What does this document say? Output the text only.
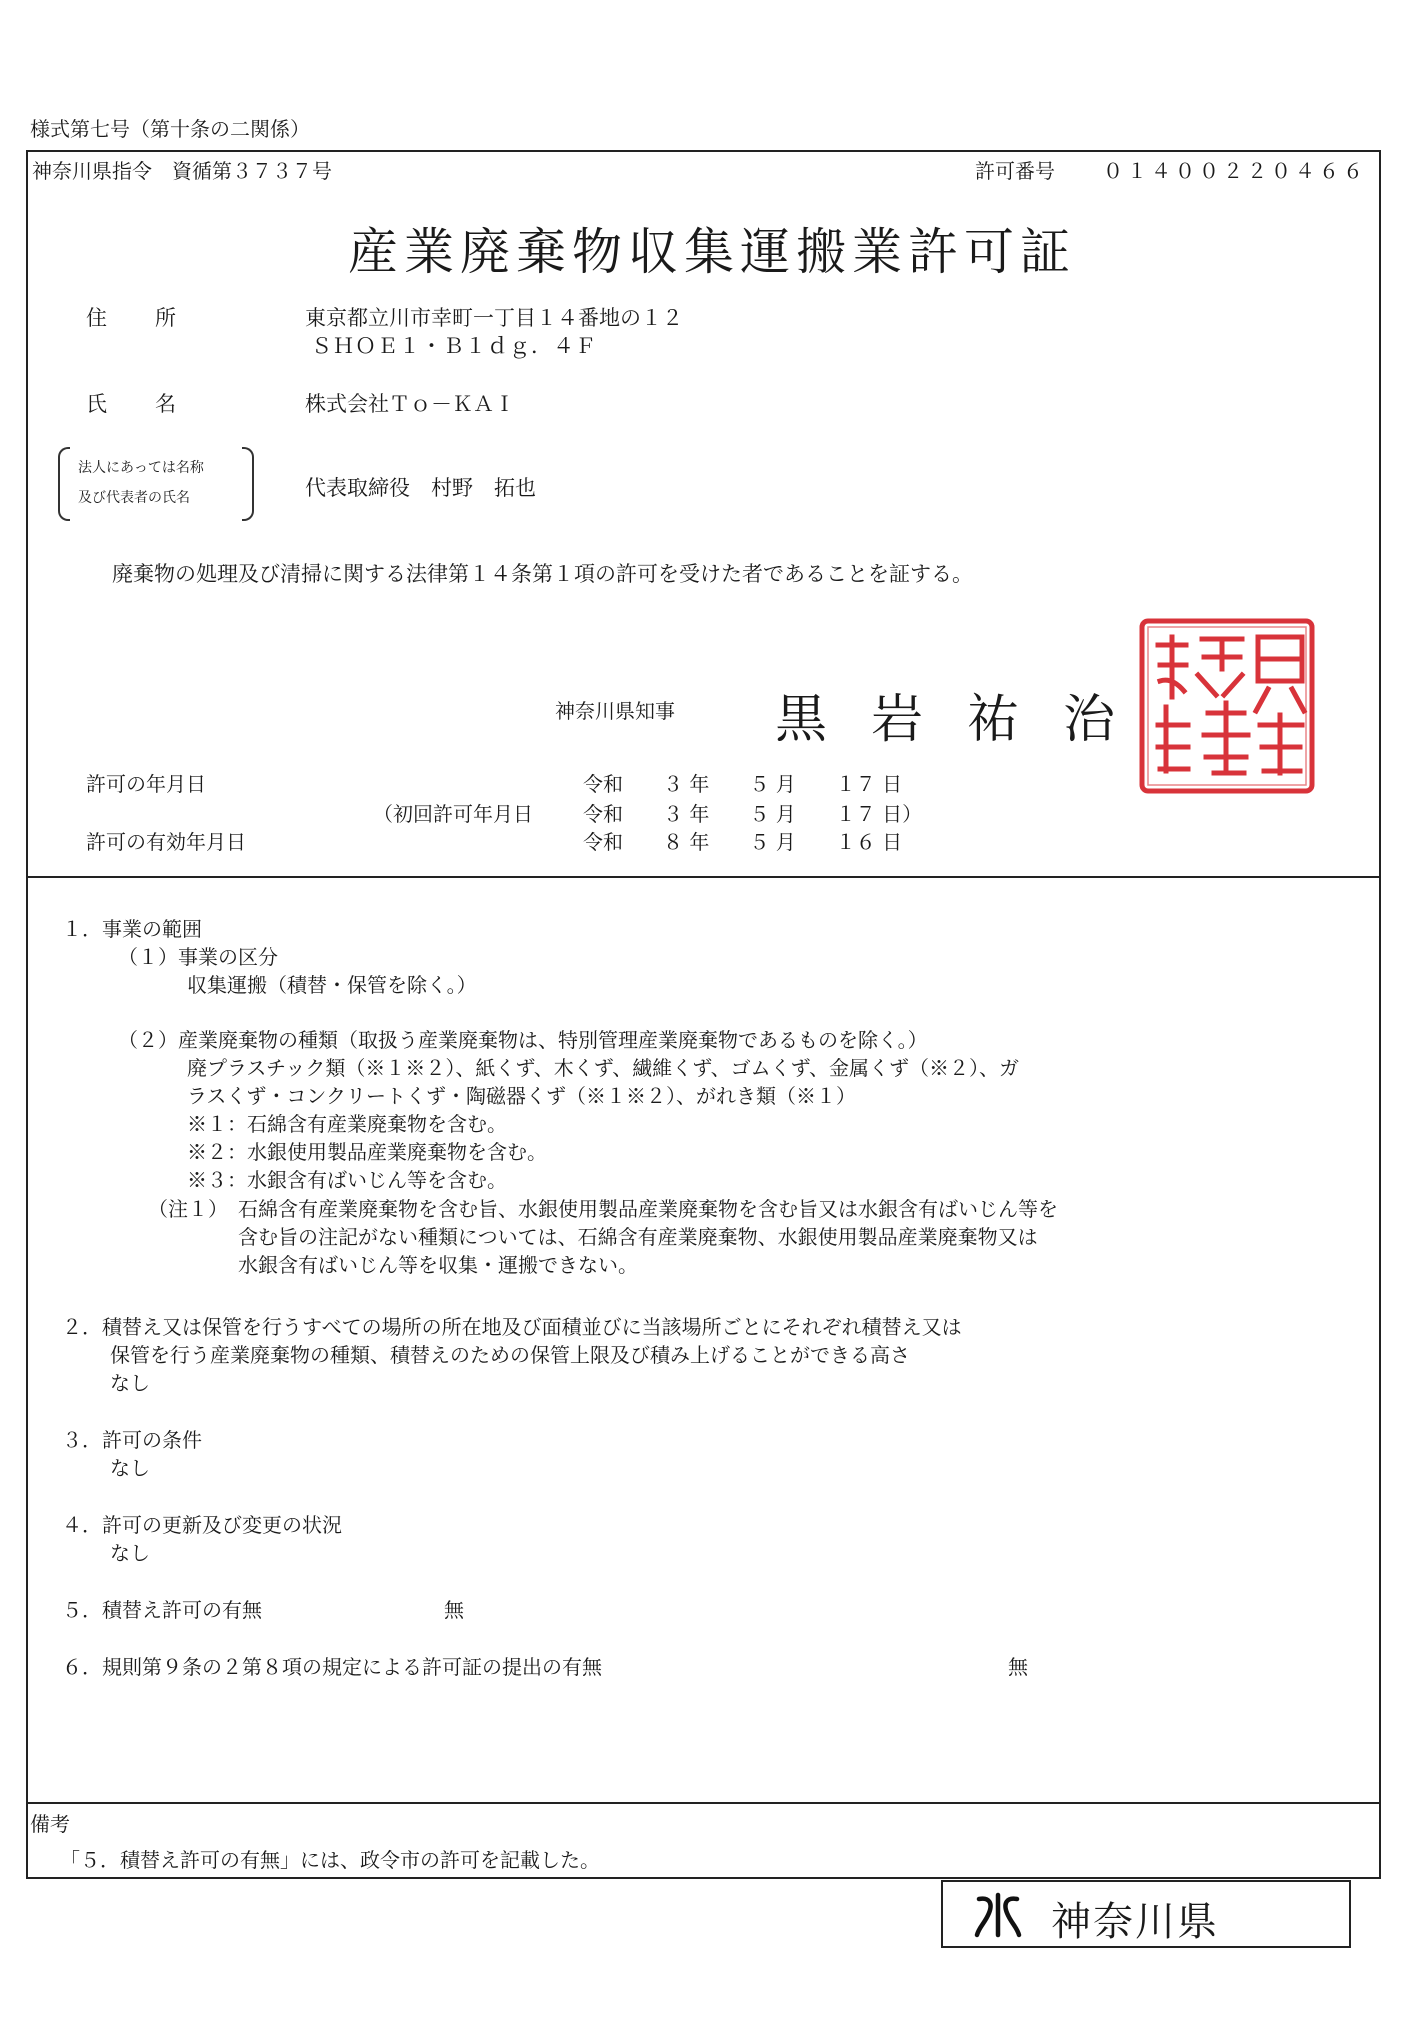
様式第七号（第十条の二関係）
神奈川県指令　資循第３７３７号	許可番号 ０１４００２２０４６６
産業廃棄物収集運搬業許可証
住　　所	東京都立川市幸町一丁目１４番地の１２
ＳＨＯＥ１・Ｂ１ｄｇ．４Ｆ
氏　　名	株式会社Ｔｏ－ＫＡＩ
法人にあっては名称
及び代表者の氏名	代表取締役　村野　拓也
廃棄物の処理及び清掃に関する法律第１４条第１項の許可を受けた者であることを証する。
神奈川県知事 黒岩祐治
許可の年月日	令和　　３ 年　　５ 月　　１７ 日
（初回許可年月日	令和　　３ 年　　５ 月　　１７ 日）
許可の有効年月日	令和　　８ 年　　５ 月　　１６ 日
１．事業の範囲
（１）事業の区分
収集運搬（積替・保管を除く。）
（２）産業廃棄物の種類（取扱う産業廃棄物は、特別管理産業廃棄物であるものを除く。）
廃プラスチック類（※１※２）、紙くず、木くず、繊維くず、ゴムくず、金属くず（※２）、ガ
ラスくず・コンクリートくず・陶磁器くず（※１※２）、がれき類（※１）
※１：石綿含有産業廃棄物を含む。
※２：水銀使用製品産業廃棄物を含む。
※３：水銀含有ばいじん等を含む。
（注１） 石綿含有産業廃棄物を含む旨、水銀使用製品産業廃棄物を含む旨又は水銀含有ばいじん等を
含む旨の注記がない種類については、石綿含有産業廃棄物、水銀使用製品産業廃棄物又は
水銀含有ばいじん等を収集・運搬できない。
２．積替え又は保管を行うすべての場所の所在地及び面積並びに当該場所ごとにそれぞれ積替え又は
保管を行う産業廃棄物の種類、積替えのための保管上限及び積み上げることができる高さ
なし
３．許可の条件
なし
４．許可の更新及び変更の状況
なし
５．積替え許可の有無	無
６．規則第９条の２第８項の規定による許可証の提出の有無	無
備考
「５．積替え許可の有無」には、政令市の許可を記載した。
神奈川県
